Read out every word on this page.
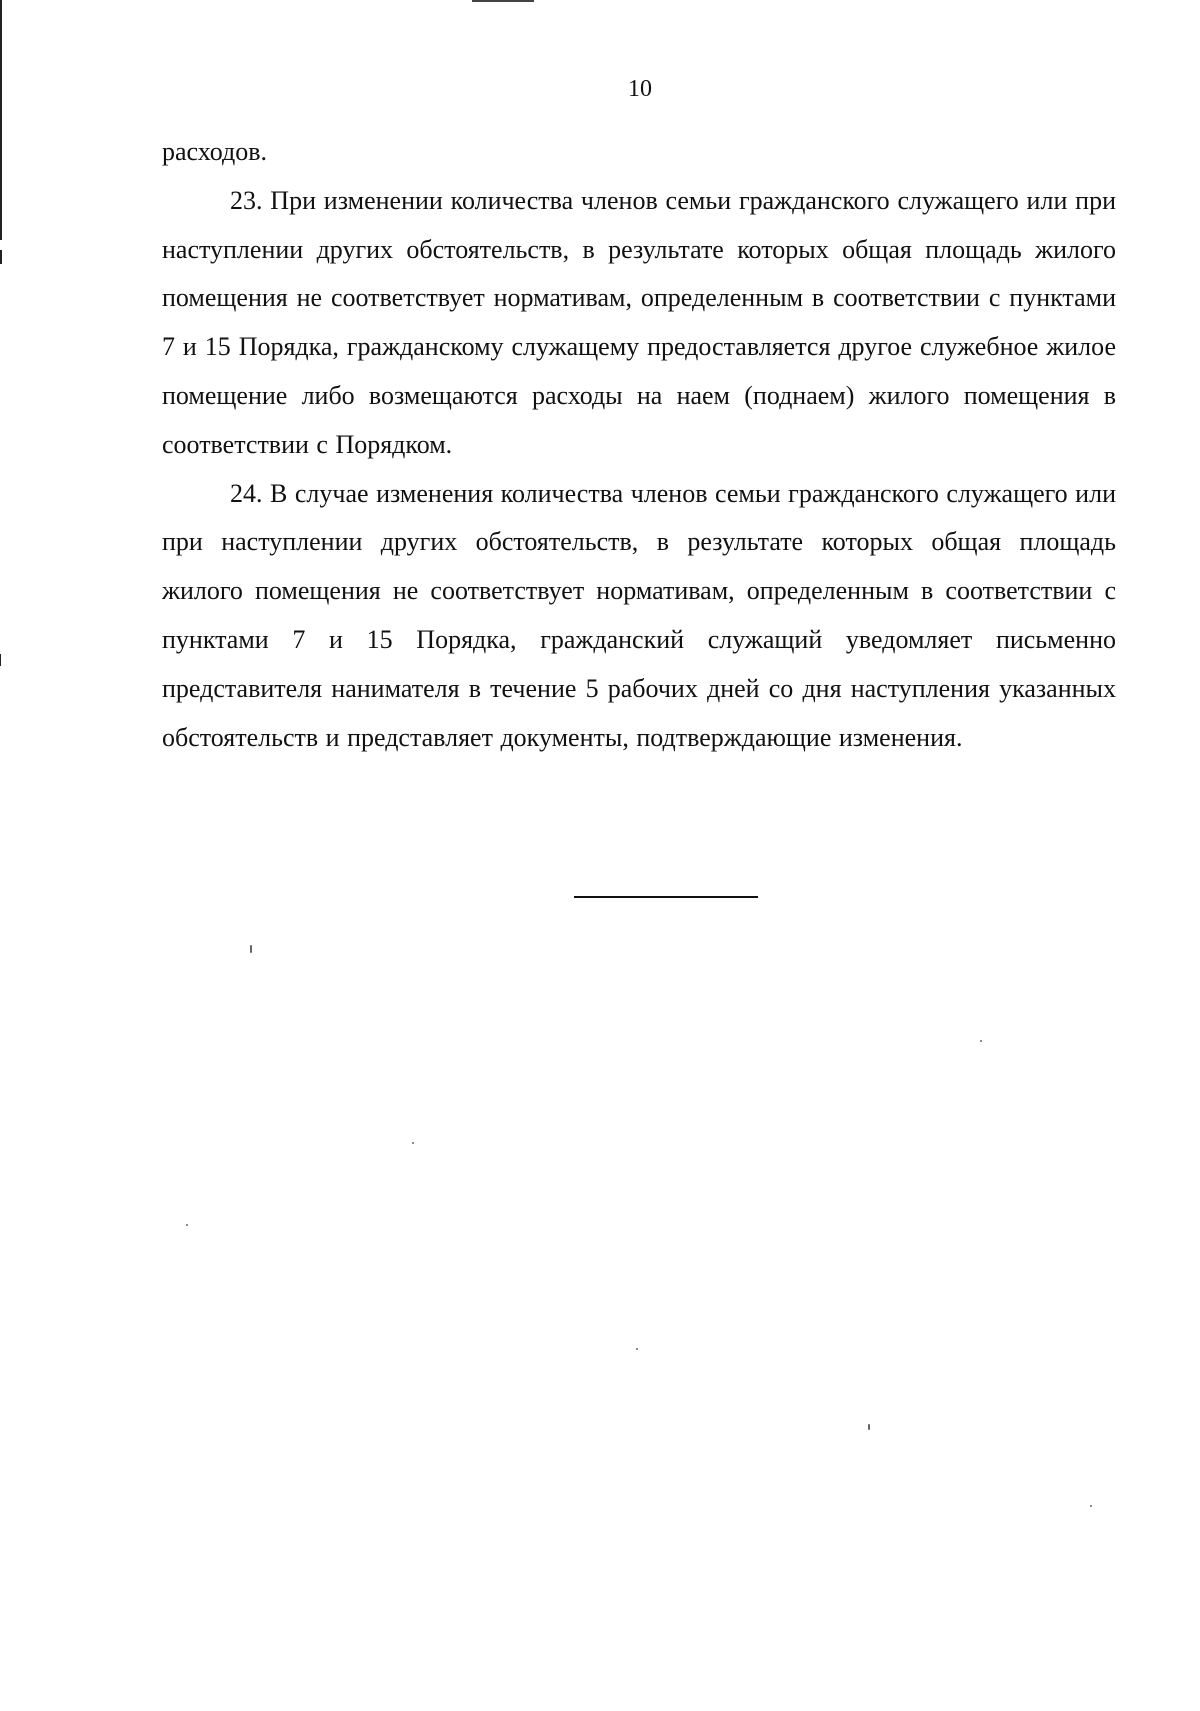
10

расходов.

23. При изменении количества членов семьи гражданского служащего или при наступлении других обстоятельств, в результате которых общая площадь жилого помещения не соответствует нормативам, определенным в соответствии с пунктами 7 и 15 Порядка, гражданскому служащему предоставляется другое служебное жилое помещение либо возмещаются расходы на наем (поднаем) жилого помещения в соответствии с Порядком.

24. В случае изменения количества членов семьи гражданского служащего или при наступлении других обстоятельств, в результате которых общая площадь жилого помещения не соответствует нормативам, определенным в соответствии с пунктами 7 и 15 Порядка, гражданский служащий уведомляет письменно представителя нанимателя в течение 5 рабочих дней со дня наступления указанных обстоятельств и представляет документы, подтверждающие изменения.
